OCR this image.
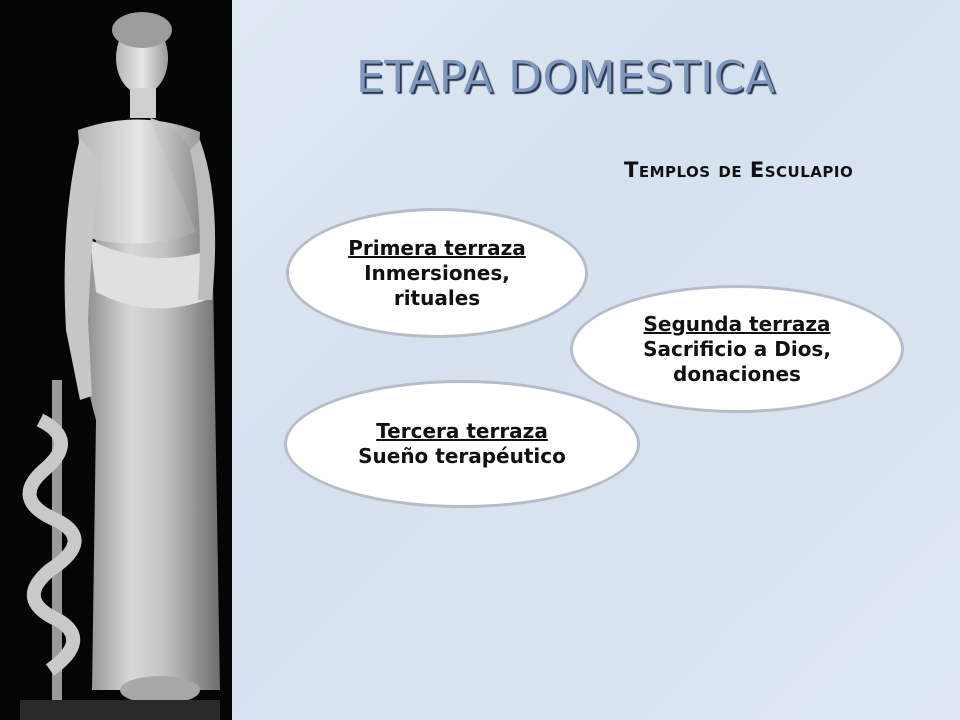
ETAPA DOMESTICA
Templos de Esculapio
Primera terraza
Inmersiones,
rituales
Segunda terraza
Sacrificio a Dios,
donaciones
Tercera terraza
Sueño terapéutico
